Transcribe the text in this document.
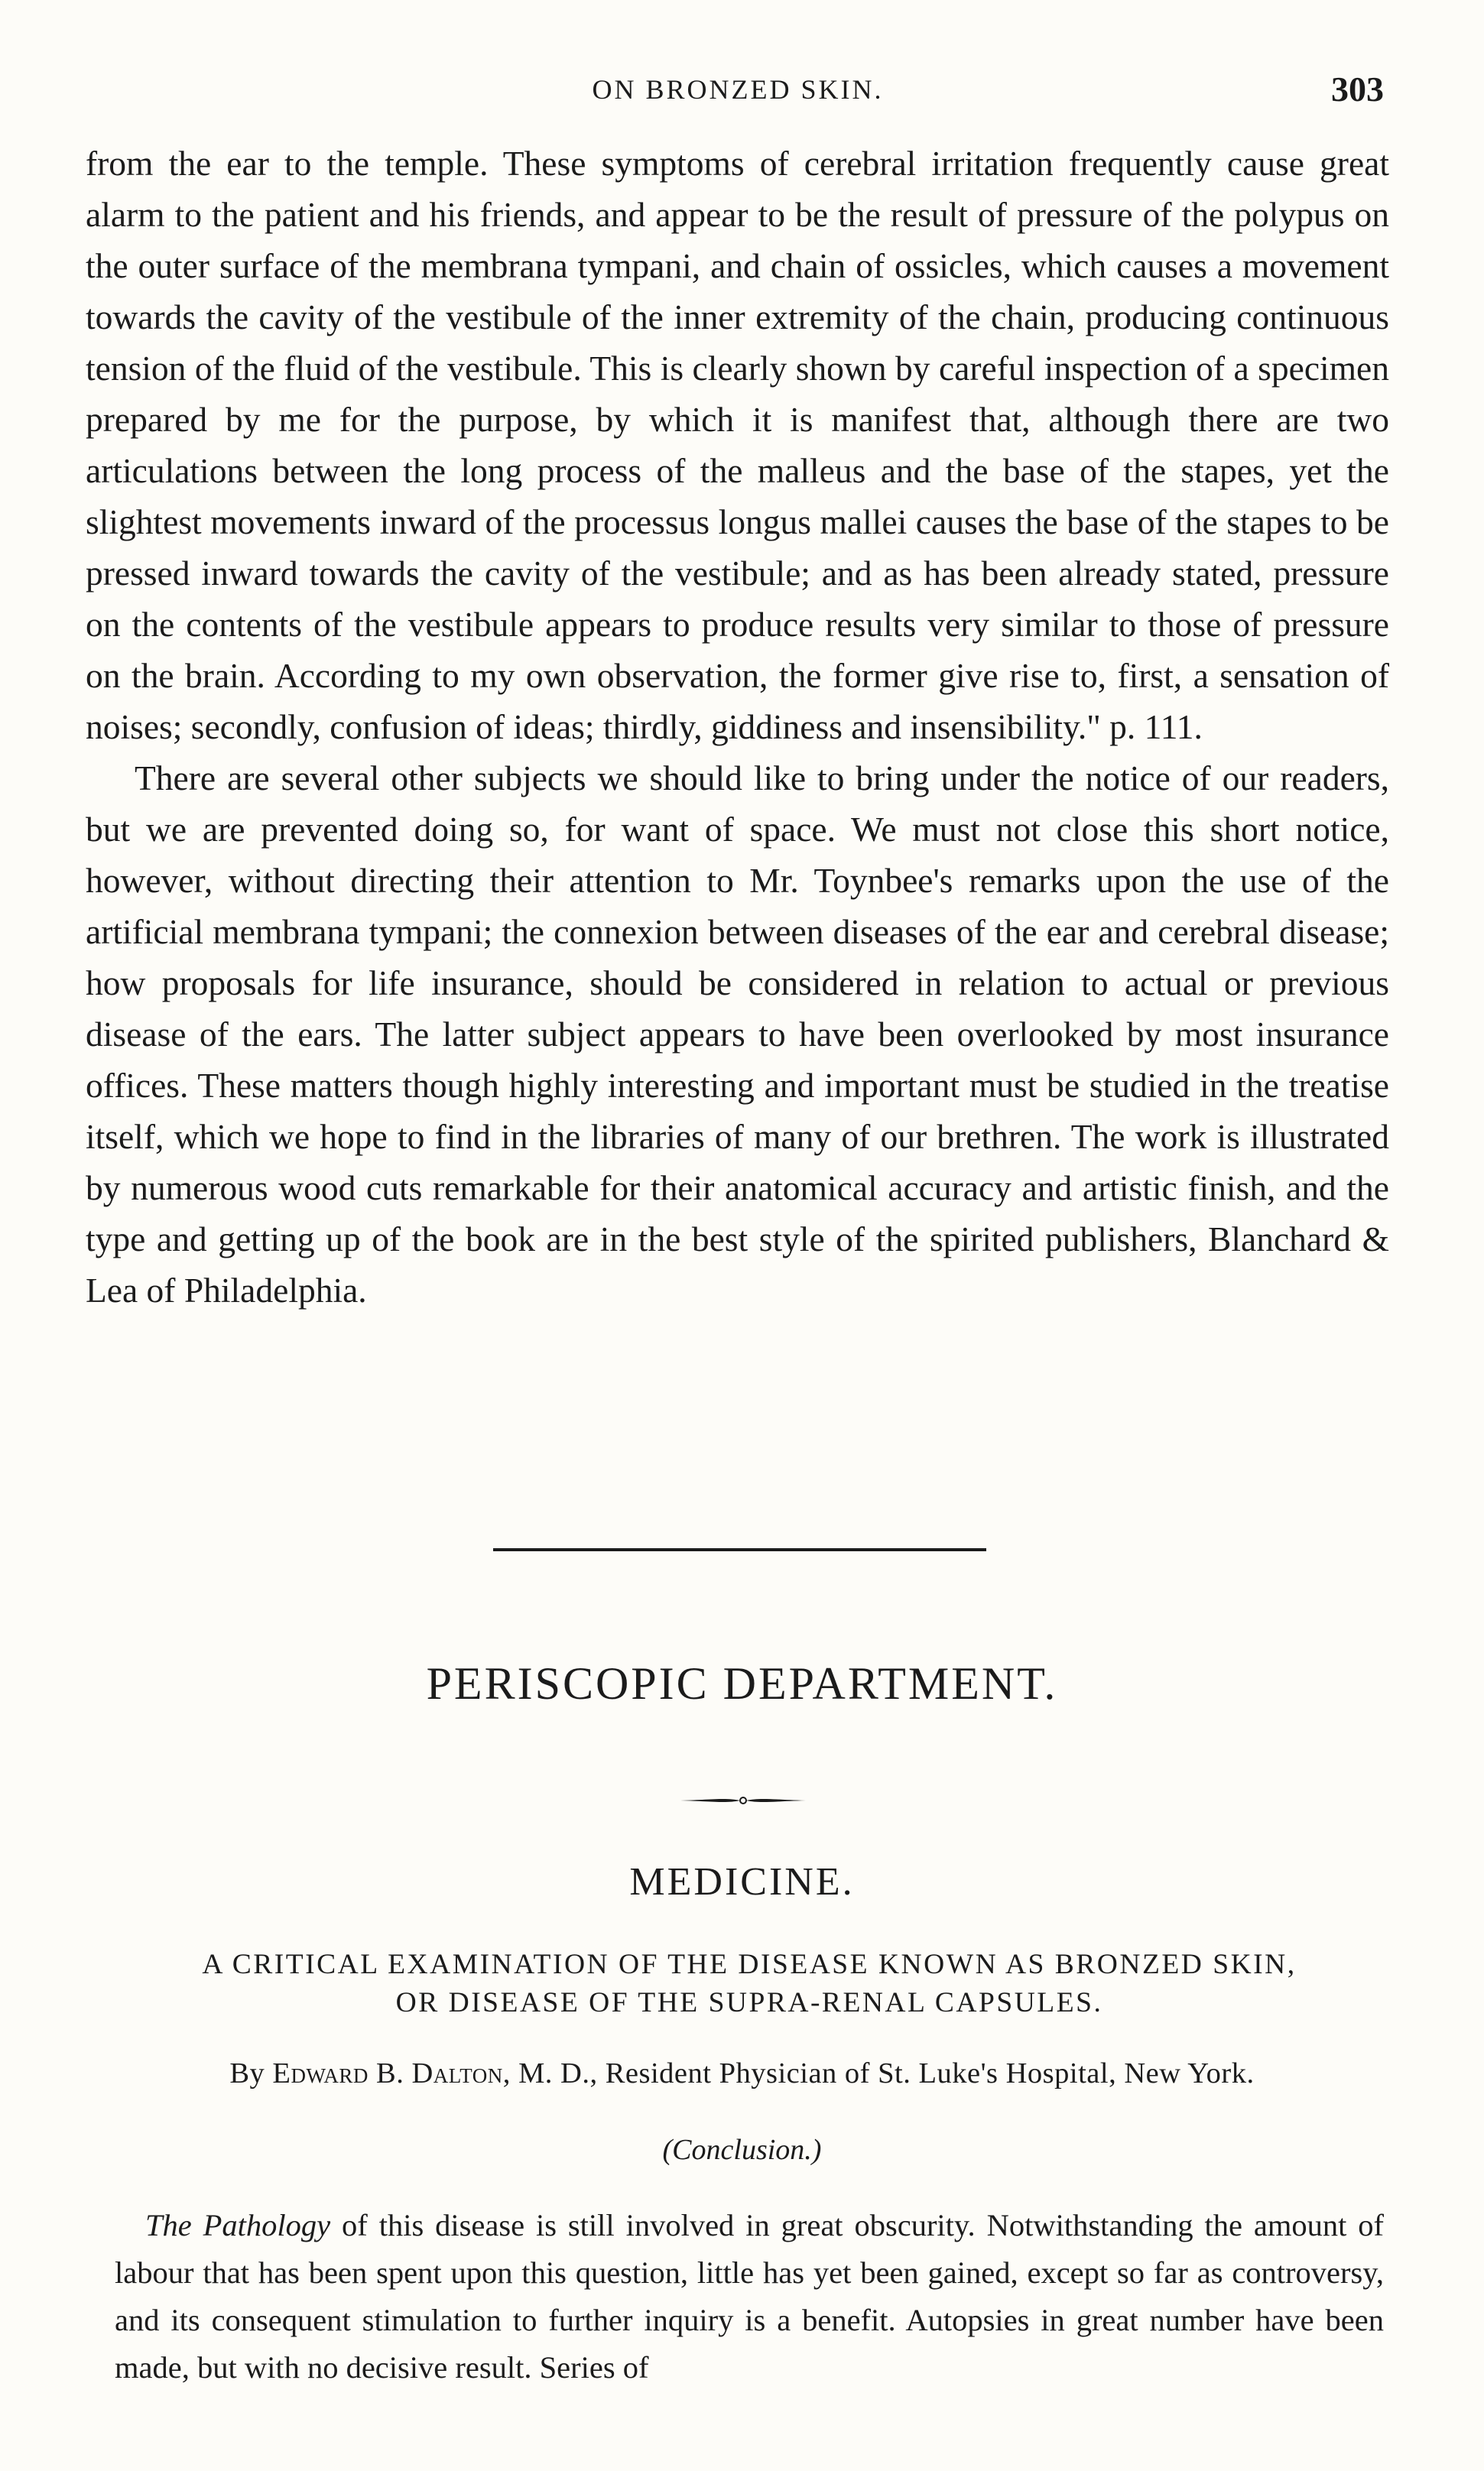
ON BRONZED SKIN.	303

from the ear to the temple. These symptoms of cerebral irritation frequently cause great alarm to the patient and his friends, and appear to be the result of pressure of the polypus on the outer surface of the membrana tympani, and chain of ossicles, which causes a movement towards the cavity of the vestibule of the inner extremity of the chain, producing continuous tension of the fluid of the vestibule. This is clearly shown by careful inspection of a specimen prepared by me for the purpose, by which it is manifest that, although there are two articulations between the long process of the malleus and the base of the stapes, yet the slightest movements inward of the processus longus mallei causes the base of the stapes to be pressed inward towards the cavity of the vestibule; and as has been already stated, pressure on the contents of the vestibule appears to produce results very similar to those of pressure on the brain. According to my own observation, the former give rise to, first, a sensation of noises; secondly, confusion of ideas; thirdly, giddiness and insensibility." p. 111.

There are several other subjects we should like to bring under the notice of our readers, but we are prevented doing so, for want of space. We must not close this short notice, however, without directing their attention to Mr. Toynbee's remarks upon the use of the artificial membrana tympani; the connexion between diseases of the ear and cerebral disease; how proposals for life insurance, should be considered in relation to actual or previous disease of the ears. The latter subject appears to have been overlooked by most insurance offices. These matters though highly interesting and important must be studied in the treatise itself, which we hope to find in the libraries of many of our brethren. The work is illustrated by numerous wood cuts remarkable for their anatomical accuracy and artistic finish, and the type and getting up of the book are in the best style of the spirited publishers, Blanchard & Lea of Philadelphia.

PERISCOPIC DEPARTMENT.
MEDICINE.
A CRITICAL EXAMINATION OF THE DISEASE KNOWN AS BRONZED SKIN,
OR DISEASE OF THE SUPRA-RENAL CAPSULES.
By Edward B. Dalton, M. D., Resident Physician of St. Luke's Hospital, New York.
(Conclusion.)

The Pathology of this disease is still involved in great obscurity. Notwithstanding the amount of labour that has been spent upon this question, little has yet been gained, except so far as controversy, and its consequent stimulation to further inquiry is a benefit. Autopsies in great number have been made, but with no decisive result. Series of
